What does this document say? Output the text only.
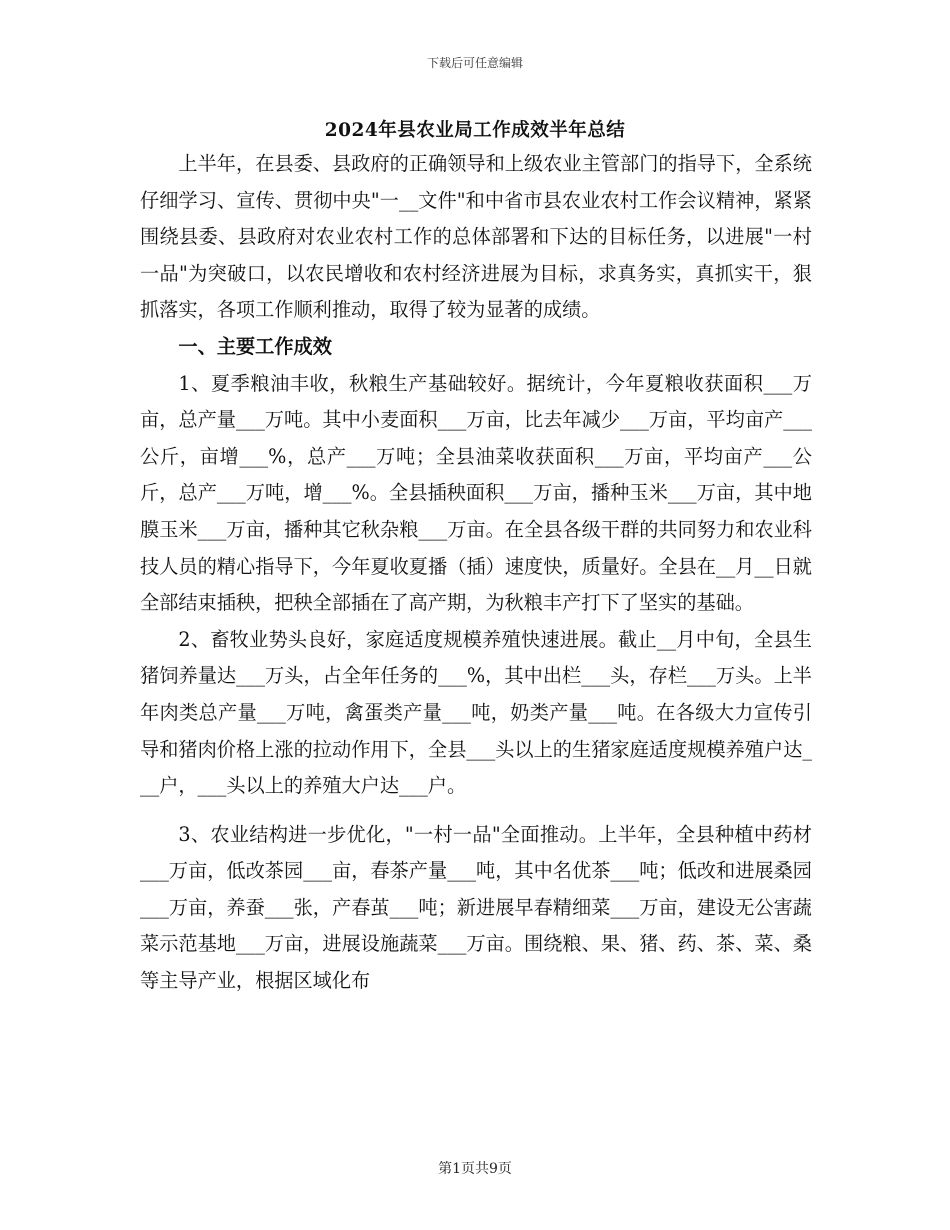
下载后可任意编辑
2024年县农业局工作成效半年总结

上半年，在县委、县政府的正确领导和上级农业主管部门的指导下，全系统仔细学习、宣传、贯彻中央"一__文件"和中省市县农业农村工作会议精神，紧紧围绕县委、县政府对农业农村工作的总体部署和下达的目标任务，以进展"一村一品"为突破口，以农民增收和农村经济进展为目标，求真务实，真抓实干，狠抓落实，各项工作顺利推动，取得了较为显著的成绩。

一、主要工作成效

1、夏季粮油丰收，秋粮生产基础较好。据统计，今年夏粮收获面积___万亩，总产量___万吨。其中小麦面积___万亩，比去年减少___万亩，平均亩产___公斤，亩增___%，总产___万吨；全县油菜收获面积___万亩，平均亩产___公斤，总产___万吨，增___%。全县插秧面积___万亩，播种玉米___万亩，其中地膜玉米___万亩，播种其它秋杂粮___万亩。在全县各级干群的共同努力和农业科技人员的精心指导下，今年夏收夏播（插）速度快，质量好。全县在__月__日就全部结束插秧，把秧全部插在了高产期，为秋粮丰产打下了坚实的基础。

2、畜牧业势头良好，家庭适度规模养殖快速进展。截止__月中旬，全县生猪饲养量达___万头，占全年任务的___%，其中出栏___头，存栏___万头。上半年肉类总产量___万吨，禽蛋类产量___吨，奶类产量___吨。在各级大力宣传引导和猪肉价格上涨的拉动作用下，全县___头以上的生猪家庭适度规模养殖户达___户，___头以上的养殖大户达___户。

3、农业结构进一步优化，"一村一品"全面推动。上半年，全县种植中药材___万亩，低改茶园___亩，春茶产量___吨，其中名优茶___吨；低改和进展桑园___万亩，养蚕___张，产春茧___吨；新进展早春精细菜___万亩，建设无公害蔬菜示范基地___万亩，进展设施蔬菜___万亩。围绕粮、果、猪、药、茶、菜、桑等主导产业，根据区域化布

第1页共9页
